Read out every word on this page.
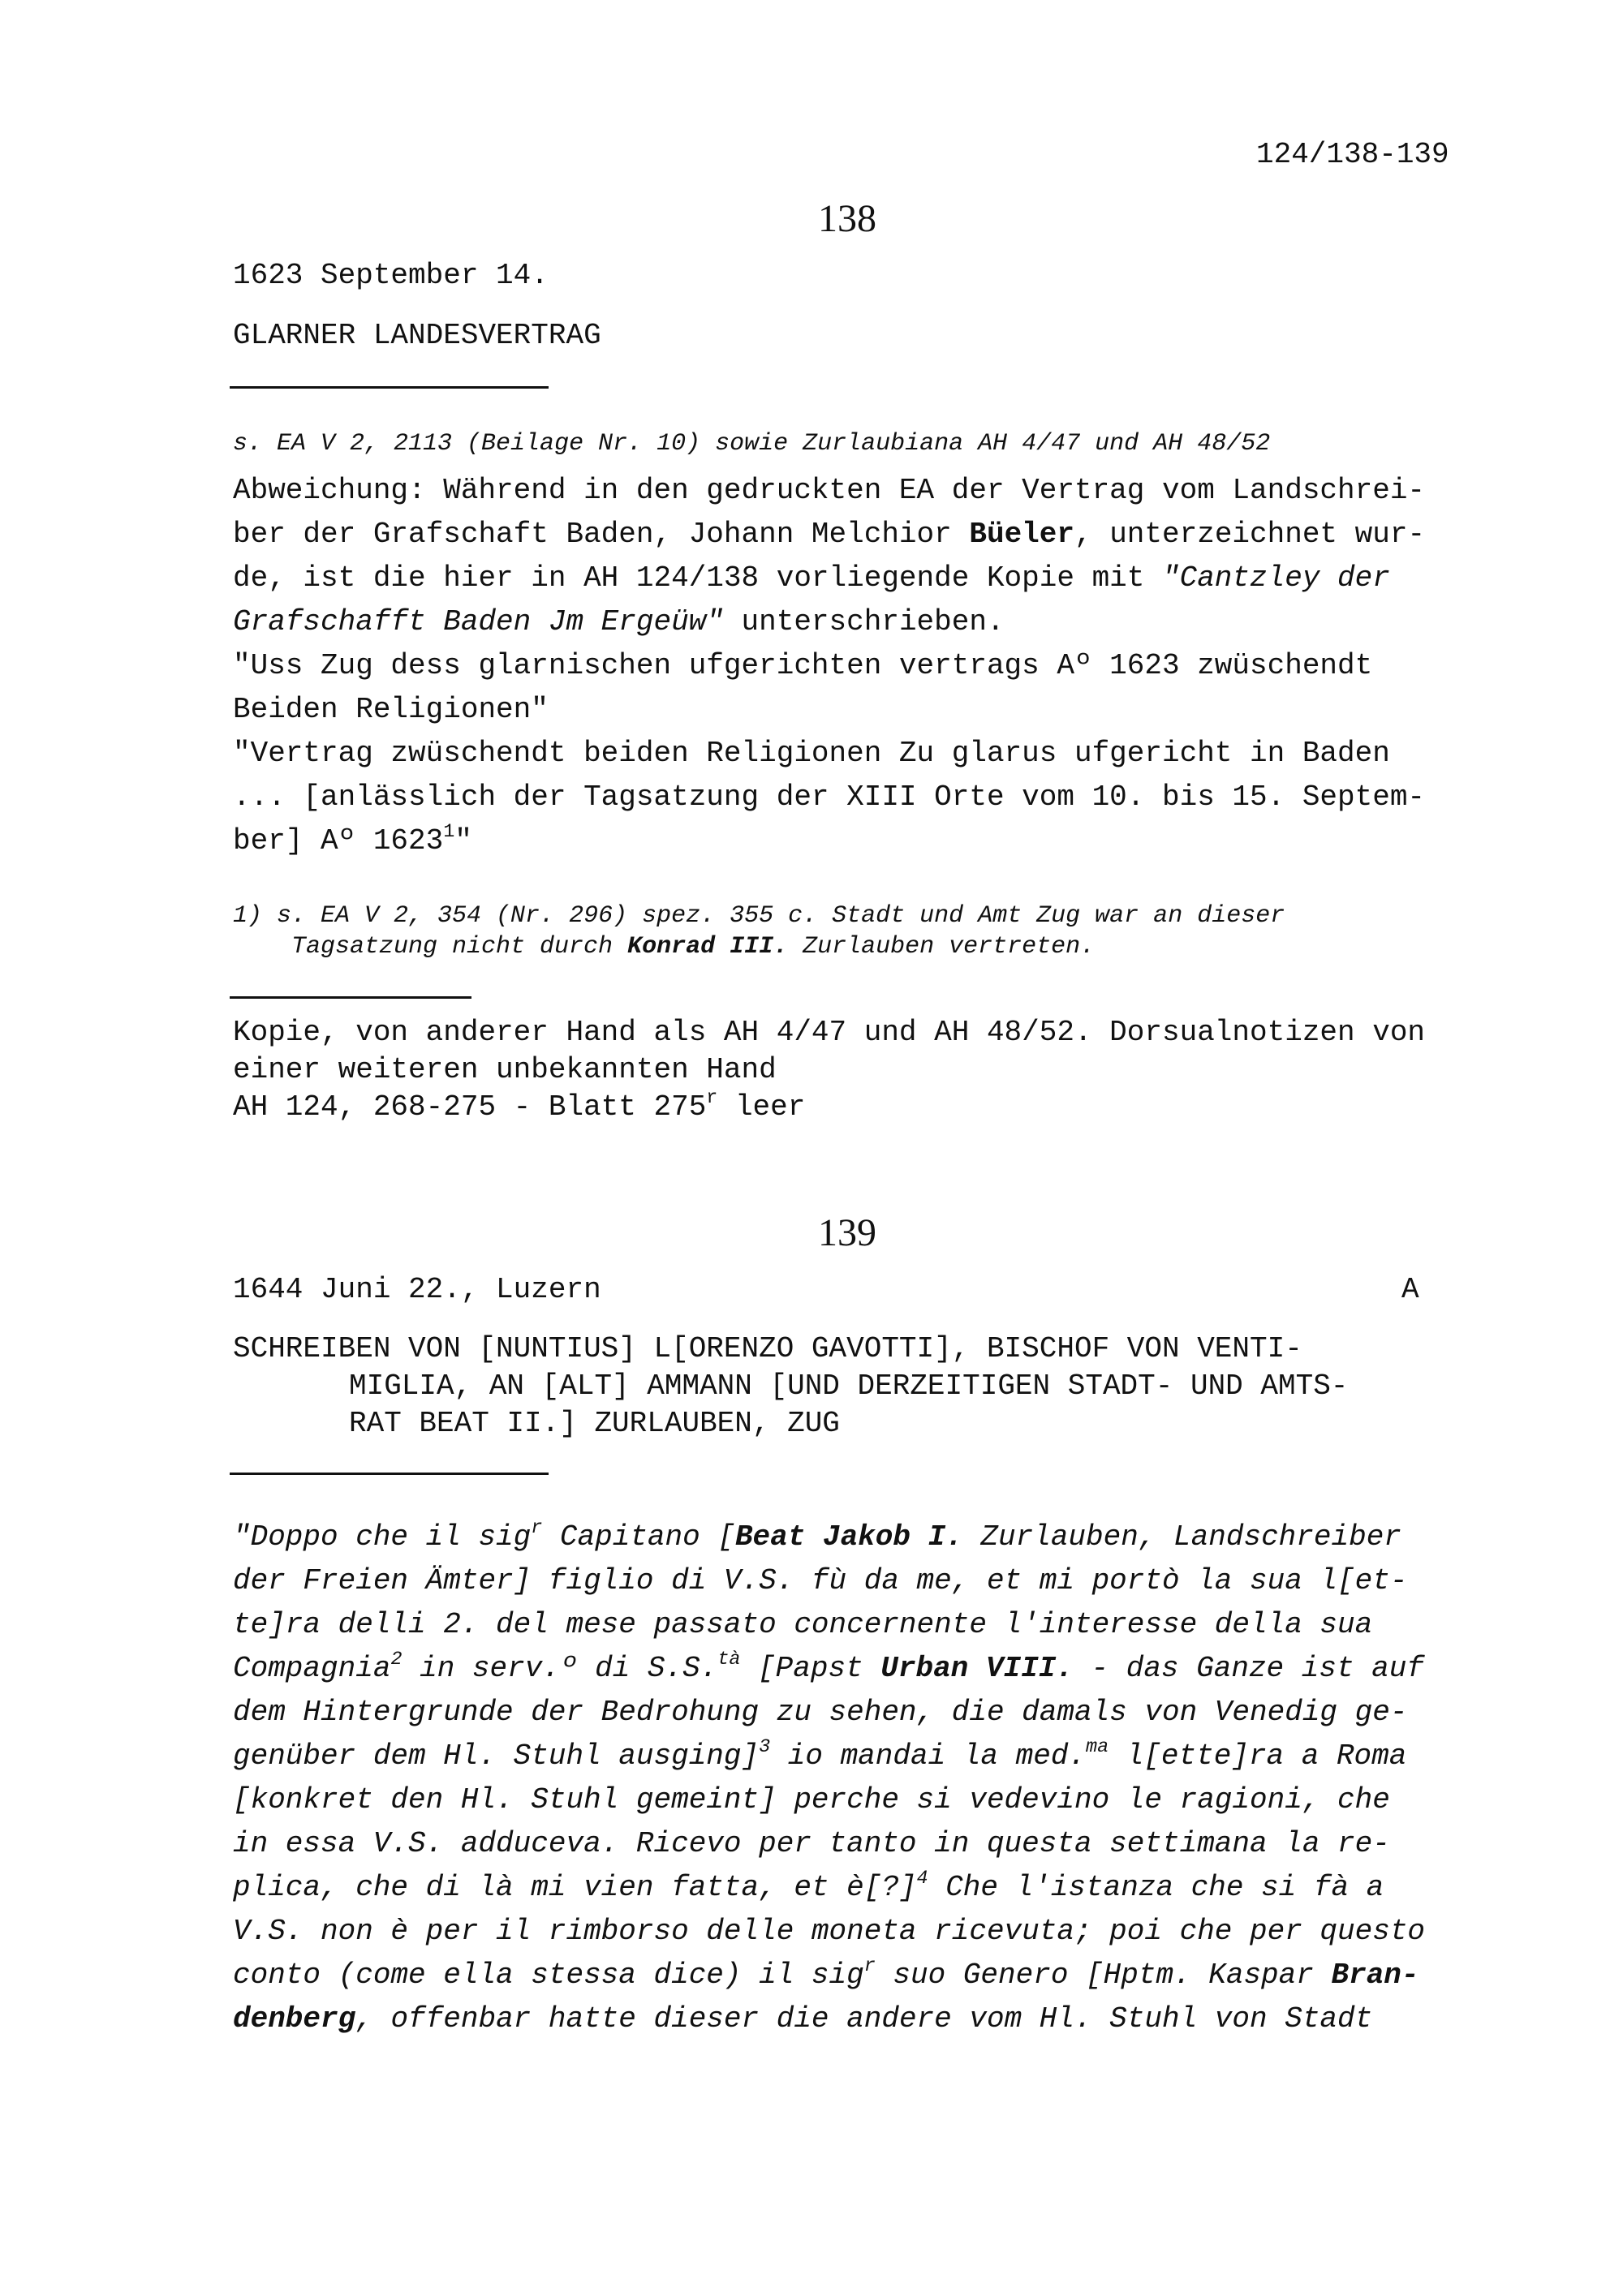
124/138-139
138
1623 September 14.
GLARNER LANDESVERTRAG
s. EA V 2, 2113 (Beilage Nr. 10) sowie Zurlaubiana AH 4/47 und AH 48/52
Abweichung: Während in den gedruckten EA der Vertrag vom Landschrei-
ber der Grafschaft Baden, Johann Melchior Büeler, unterzeichnet wur-
de, ist die hier in AH 124/138 vorliegende Kopie mit "Cantzley der
Grafschafft Baden Jm Ergeüw" unterschrieben.
"Uss Zug dess glarnischen ufgerichten vertrags Aº 1623 zwüschendt
Beiden Religionen"
"Vertrag zwüschendt beiden Religionen Zu glarus ufgericht in Baden
... [anlässlich der Tagsatzung der XIII Orte vom 10. bis 15. Septem-
ber] Aº 1623$^1$"
1) s. EA V 2, 354 (Nr. 296) spez. 355 c. Stadt und Amt Zug war an dieser
Tagsatzung nicht durch Konrad III. Zurlauben vertreten.
Kopie, von anderer Hand als AH 4/47 und AH 48/52. Dorsualnotizen von
einer weiteren unbekannten Hand
AH 124, 268-275 - Blatt 275$^r$ leer
139
1644 Juni 22., Luzern	A
SCHREIBEN VON [NUNTIUS] L[ORENZO GAVOTTI], BISCHOF VON VENTI-
MIGLIA, AN [ALT] AMMANN [UND DERZEITIGEN STADT- UND AMTS-
RAT BEAT II.] ZURLAUBEN, ZUG
"Doppo che il sig$^r$ Capitano [Beat Jakob I. Zurlauben, Landschreiber
der Freien Ämter] figlio di V.S. fù da me, et mi portò la sua l[et-
te]ra delli 2. del mese passato concernente l'interesse della sua
Compagnia$^2$ in serv.º di S.S.$^{tà}$ [Papst Urban VIII. - das Ganze ist auf
dem Hintergrunde der Bedrohung zu sehen, die damals von Venedig ge-
genüber dem Hl. Stuhl ausging]$^3$ io mandai la med.$^{ma}$ l[ette]ra a Roma
[konkret den Hl. Stuhl gemeint] perche si vedevino le ragioni, che
in essa V.S. adduceva. Ricevo per tanto in questa settimana la re-
plica, che di là mi vien fatta, et è[?]$^4$ Che l'istanza che si fà a
V.S. non è per il rimborso delle moneta ricevuta; poi che per questo
conto (come ella stessa dice) il sig$^r$ suo Genero [Hptm. Kaspar Bran-
denberg, offenbar hatte dieser die andere vom Hl. Stuhl von Stadt
